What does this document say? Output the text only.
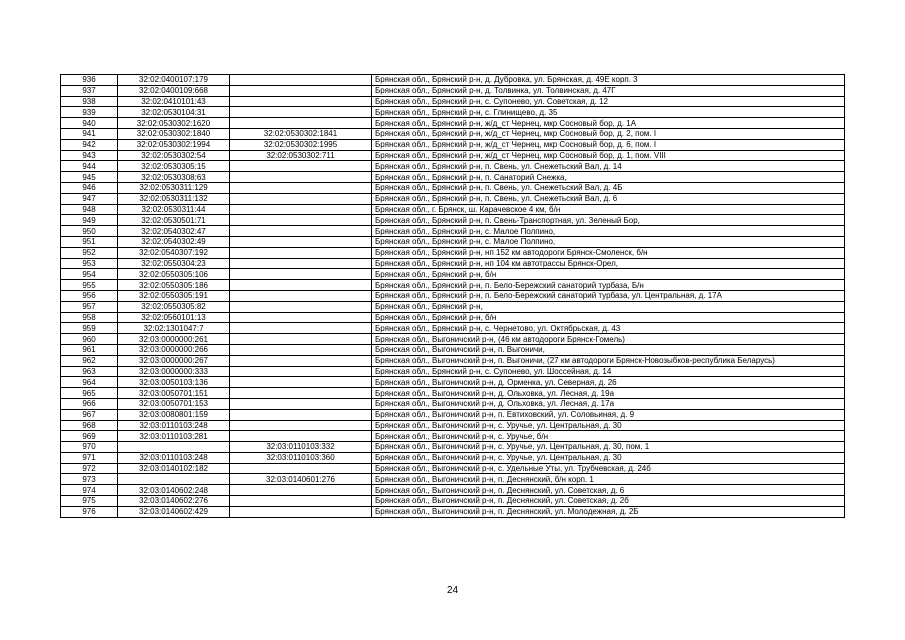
936	32:02:0400107:179		Брянская обл., Брянский р-н, д. Дубровка, ул. Брянская, д. 49Е корп. 3
937	32:02:0400109:668		Брянская обл., Брянский р-н, д. Толвинка, ул. Толвинская, д. 47Г
938	32:02:0410101:43		Брянская обл., Брянский р-н, с. Супонево, ул. Советская, д. 12
939	32:02:0530104:31		Брянская обл., Брянский р-н, с. Глинищево, д. 35
940	32:02:0530302:1620		Брянская обл., Брянский р-н, ж/д_ст Чернец, мкр Сосновый бор, д. 1А
941	32:02:0530302:1840	32:02:0530302:1841	Брянская обл., Брянский р-н, ж/д_ст Чернец, мкр Сосновый бор, д. 2, пом. I
942	32:02:0530302:1994	32:02:0530302:1995	Брянская обл., Брянский р-н, ж/д_ст Чернец, мкр Сосновый бор, д. 6, пом. I
943	32:02:0530302:54	32:02:0530302:711	Брянская обл., Брянский р-н, ж/д_ст Чернец, мкр Сосновый бор, д. 1, пом. VIII
944	32:02:0530305:15		Брянская обл., Брянский р-н, п. Свень, ул. Снежетьский Вал, д. 14
945	32:02:0530308:63		Брянская обл., Брянский р-н, п. Санаторий Снежка,
946	32:02:0530311:129		Брянская обл., Брянский р-н, п. Свень, ул. Снежетьский Вал, д. 4Б
947	32:02:0530311:132		Брянская обл., Брянский р-н, п. Свень, ул. Снежетьский Вал, д. 6
948	32:02:0530311:44		Брянская обл., г. Брянск, ш. Карачевское 4 км, б/н
949	32:02:0530501:71		Брянская обл., Брянский р-н, п. Свень-Транспортная, ул. Зеленый Бор,
950	32:02:0540302:47		Брянская обл., Брянский р-н, с. Малое Полпино,
951	32:02:0540302:49		Брянская обл., Брянский р-н, с. Малое Полпино,
952	32:02:0540307:192		Брянская обл., Брянский р-н, нп 152 км автодороги Брянск-Смоленск, б/н
953	32:02:0550304:23		Брянская обл., Брянский р-н, нп 104 км автотрассы Брянск-Орел,
954	32:02:0550305:106		Брянская обл., Брянский р-н, б/н
955	32:02:0550305:186		Брянская обл., Брянский р-н, п. Бело-Бережский санаторий турбаза, Б/н
956	32:02:0550305:191		Брянская обл., Брянский р-н, п. Бело-Бережский санаторий турбаза, ул. Центральная, д. 17А
957	32:02:0550305:82		Брянская обл., Брянский р-н,
958	32:02:0560101:13		Брянская обл., Брянский р-н, б/н
959	32:02:1301047:7		Брянская обл., Брянский р-н, с. Чернетово, ул. Октябрьская, д. 43
960	32:03:0000000:261		Брянская обл., Выгоничский р-н, (46 км автодороги Брянск-Гомель)
961	32:03:0000000:266		Брянская обл., Выгоничский р-н, п. Выгоничи,
962	32:03:0000000:267		Брянская обл., Выгоничский р-н, п. Выгоничи, (27 км автодороги Брянск-Новозыбков-республика Беларусь)
963	32:03:0000000:333		Брянская обл., Брянский р-н, с. Супонево, ул. Шоссейная, д. 14
964	32:03:0050103:136		Брянская обл., Выгоничский р-н, д. Орменка, ул. Северная, д. 26
965	32:03:0050701:151		Брянская обл., Выгоничский р-н, д. Ольховка, ул. Лесная, д. 19а
966	32:03:0050701:153		Брянская обл., Выгоничский р-н, д. Ольховка, ул. Лесная, д. 17а
967	32:03:0080801:159		Брянская обл., Выгоничский р-н, п. Евтиховский, ул. Соловьиная, д. 9
968	32:03:0110103:248		Брянская обл., Выгоничский р-н, с. Уручье, ул. Центральная, д. 30
969	32:03:0110103:281		Брянская обл., Выгоничский р-н, с. Уручье, б/н
970		32:03:0110103:332	Брянская обл., Выгоничский р-н, с. Уручье, ул. Центральная, д. 30, пом. 1
971	32:03:0110103:248	32:03:0110103:360	Брянская обл., Выгоничский р-н, с. Уручье, ул. Центральная, д. 30
972	32:03:0140102:182		Брянская обл., Выгоничский р-н, с. Удельные Уты, ул. Трубчевская, д. 24б
973		32:03:0140601:276	Брянская обл., Выгоничский р-н, п. Деснянский, б/н корп. 1
974	32:03:0140602:248		Брянская обл., Выгоничский р-н, п. Деснянский, ул. Советская, д. 6
975	32:03:0140602:276		Брянская обл., Выгоничский р-н, п. Деснянский, ул. Советская, д. 2б
976	32:03:0140602:429		Брянская обл., Выгоничский р-н, п. Деснянский, ул. Молодежная, д. 2Б
24
